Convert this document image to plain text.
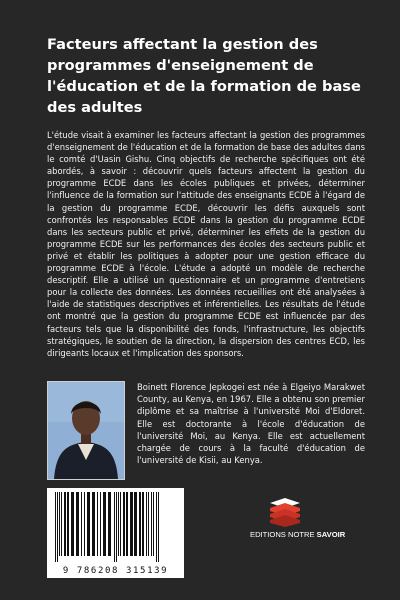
Facteurs affectant la gestion des programmes d'enseignement de l'éducation et de la formation de base des adultes

L'étude visait à examiner les facteurs affectant la gestion des programmes d'enseignement de l'éducation et de la formation de base des adultes dans le comté d'Uasin Gishu. Cinq objectifs de recherche spécifiques ont été abordés, à savoir : découvrir quels facteurs affectent la gestion du programme ECDE dans les écoles publiques et privées, déterminer l'influence de la formation sur l'attitude des enseignants ECDE à l'égard de la gestion du programme ECDE, découvrir les défis auxquels sont confrontés les responsables ECDE dans la gestion du programme ECDE dans les secteurs public et privé, déterminer les effets de la gestion du programme ECDE sur les performances des écoles des secteurs public et privé et établir les politiques à adopter pour une gestion efficace du programme ECDE à l'école. L'étude a adopté un modèle de recherche descriptif. Elle a utilisé un questionnaire et un programme d'entretiens pour la collecte des données. Les données recueillies ont été analysées à l'aide de statistiques descriptives et inférentielles. Les résultats de l'étude ont montré que la gestion du programme ECDE est influencée par des facteurs tels que la disponibilité des fonds, l'infrastructure, les objectifs stratégiques, le soutien de la direction, la dispersion des centres ECD, les dirigeants locaux et l'implication des sponsors.

Boinett Florence Jepkogei est née à Elgeiyo Marakwet County, au Kenya, en 1967. Elle a obtenu son premier diplôme et sa maîtrise à l'université Moi d'Eldoret. Elle est doctorante à l'école d'éducation de l'université Moi, au Kenya. Elle est actuellement chargée de cours à la faculté d'éducation de l'université de Kisii, au Kenya.

9 786208 315139
EDITIONS NOTRE SAVOIR
